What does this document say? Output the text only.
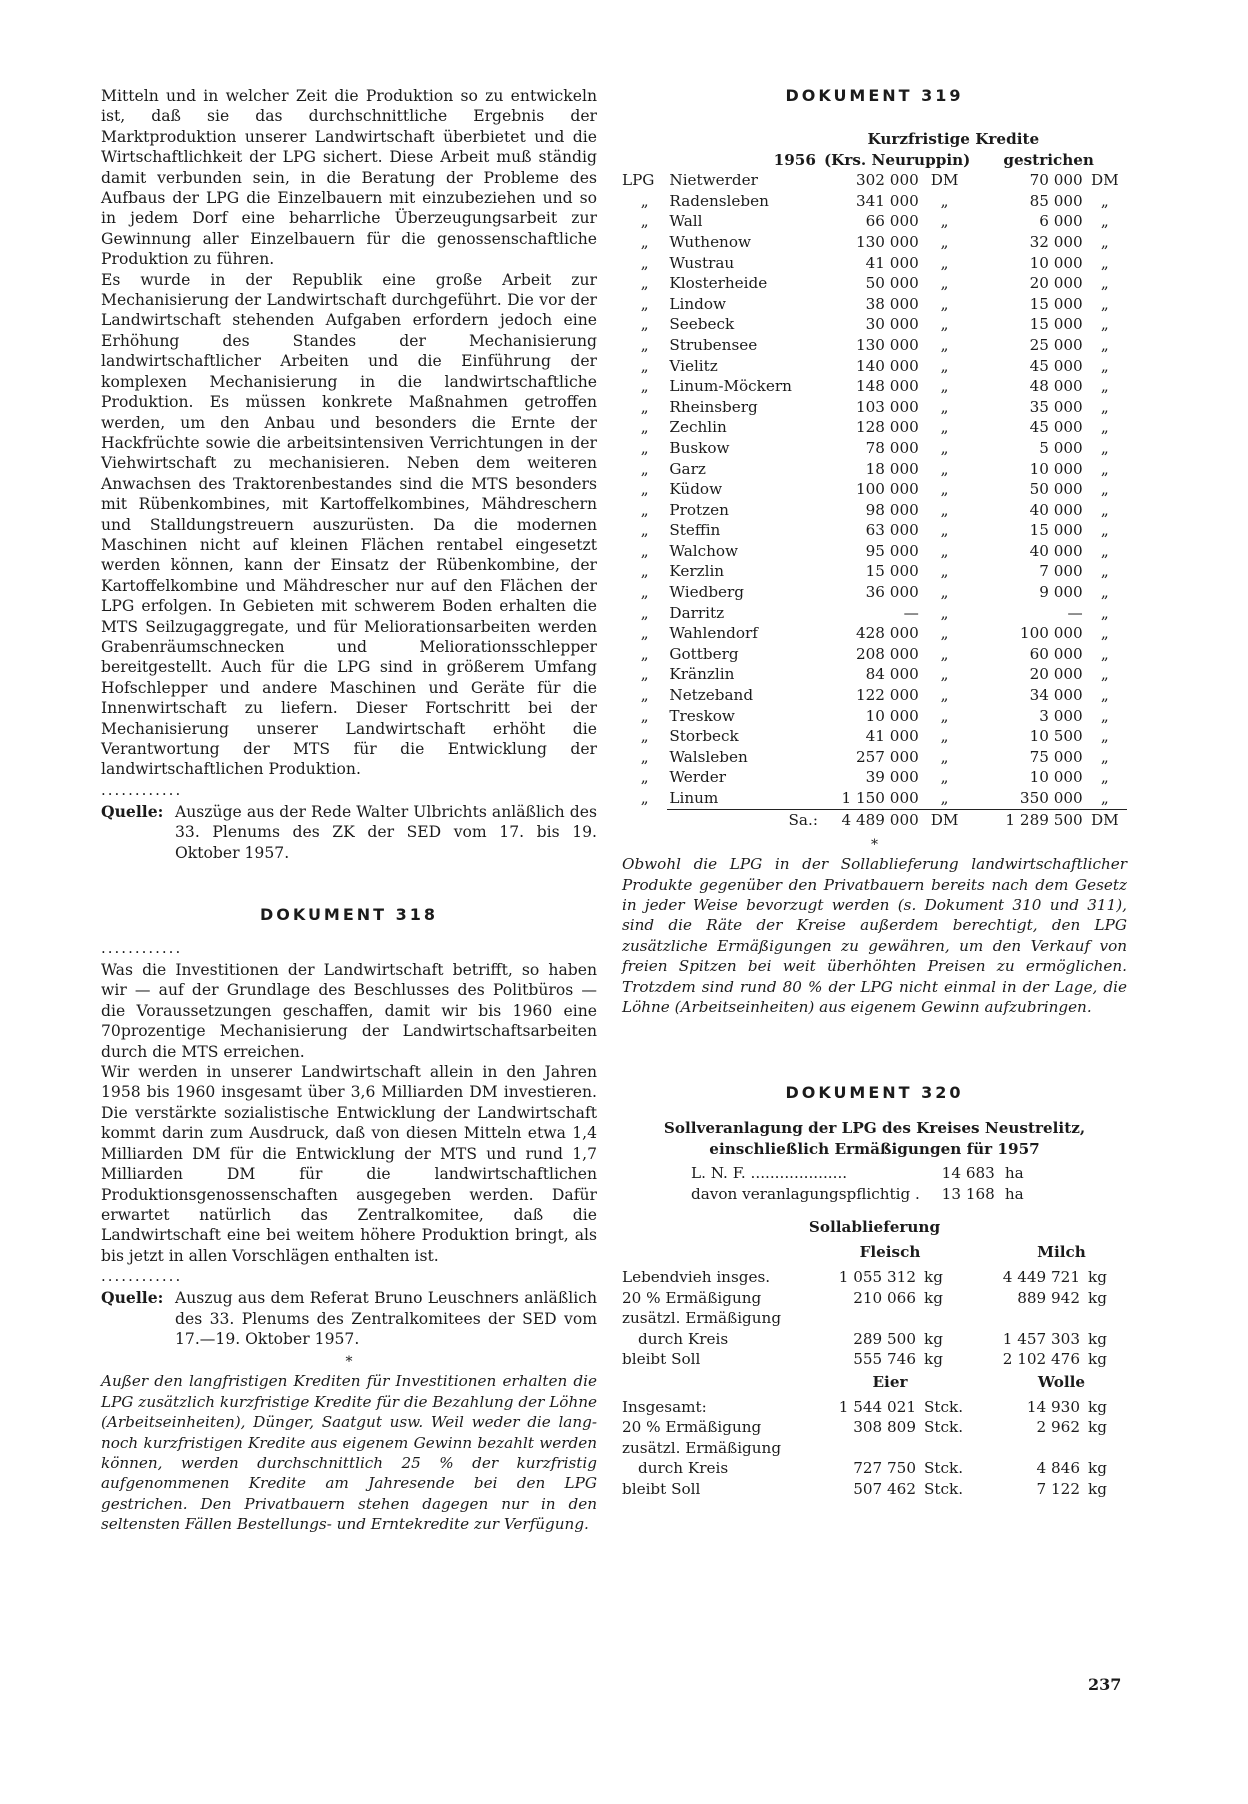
Mitteln und in welcher Zeit die Produktion so zu entwickeln ist, daß sie das durchschnittliche Ergebnis der Marktproduktion unserer Landwirtschaft überbietet und die Wirtschaftlichkeit der LPG sichert. Diese Arbeit muß ständig damit verbunden sein, in die Beratung der Probleme des Aufbaus der LPG die Einzelbauern mit einzubeziehen und so in jedem Dorf eine beharrliche Überzeugungsarbeit zur Gewinnung aller Einzelbauern für die genossenschaftliche Produktion zu führen.

Es wurde in der Republik eine große Arbeit zur Mechanisierung der Landwirtschaft durchgeführt. Die vor der Landwirtschaft stehenden Aufgaben erfordern jedoch eine Erhöhung des Standes der Mechanisierung landwirtschaftlicher Arbeiten und die Einführung der komplexen Mechanisierung in die landwirtschaftliche Produktion. Es müssen konkrete Maßnahmen getroffen werden, um den Anbau und besonders die Ernte der Hackfrüchte sowie die arbeitsintensiven Verrichtungen in der Viehwirtschaft zu mechanisieren. Neben dem weiteren Anwachsen des Traktorenbestandes sind die MTS besonders mit Rübenkombines, mit Kartoffelkombines, Mähdreschern und Stalldungstreuern auszurüsten. Da die modernen Maschinen nicht auf kleinen Flächen rentabel eingesetzt werden können, kann der Einsatz der Rübenkombine, der Kartoffelkombine und Mähdrescher nur auf den Flächen der LPG erfolgen. In Gebieten mit schwerem Boden erhalten die MTS Seilzugaggregate, und für Meliorationsarbeiten werden Grabenräumschnecken und Meliorationsschlepper bereitgestellt. Auch für die LPG sind in größerem Umfang Hofschlepper und andere Maschinen und Geräte für die Innenwirtschaft zu liefern. Dieser Fortschritt bei der Mechanisierung unserer Landwirtschaft erhöht die Verantwortung der MTS für die Entwicklung der landwirtschaftlichen Produktion.

............
Quelle: Auszüge aus der Rede Walter Ulbrichts anläßlich des 33. Plenums des ZK der SED vom 17. bis 19. Oktober 1957.
DOKUMENT 318
............

Was die Investitionen der Landwirtschaft betrifft, so haben wir — auf der Grundlage des Beschlusses des Politbüros — die Voraussetzungen geschaffen, damit wir bis 1960 eine 70prozentige Mechanisierung der Landwirtschaftsarbeiten durch die MTS erreichen.

Wir werden in unserer Landwirtschaft allein in den Jahren 1958 bis 1960 insgesamt über 3,6 Milliarden DM investieren. Die verstärkte sozialistische Entwicklung der Landwirtschaft kommt darin zum Ausdruck, daß von diesen Mitteln etwa 1,4 Milliarden DM für die Entwicklung der MTS und rund 1,7 Milliarden DM für die landwirtschaftlichen Produktionsgenossenschaften ausgegeben werden. Dafür erwartet natürlich das Zentralkomitee, daß die Landwirtschaft eine bei weitem höhere Produktion bringt, als bis jetzt in allen Vorschlägen enthalten ist.

............
Quelle: Auszug aus dem Referat Bruno Leuschners anläßlich des 33. Plenums des Zentralkomitees der SED vom 17.—19. Oktober 1957.
*

Außer den langfristigen Krediten für Investitionen erhalten die LPG zusätzlich kurzfristige Kredite für die Bezahlung der Löhne (Arbeitseinheiten), Dünger, Saatgut usw. Weil weder die lang- noch kurzfristigen Kredite aus eigenem Gewinn bezahlt werden können, werden durchschnittlich 25 % der kurzfristig aufgenommenen Kredite am Jahresende bei den LPG gestrichen. Den Privatbauern stehen dagegen nur in den seltensten Fällen Bestellungs- und Erntekredite zur Verfügung.

DOKUMENT 319
		Kurzfristige Kredite			
1956		(Krs. Neuruppin)		gestrichen	
LPG	Nietwerder	302 000	DM	70 000	DM
„	Radensleben	341 000	„	85 000	„
„	Wall	66 000	„	6 000	„
„	Wuthenow	130 000	„	32 000	„
„	Wustrau	41 000	„	10 000	„
„	Klosterheide	50 000	„	20 000	„
„	Lindow	38 000	„	15 000	„
„	Seebeck	30 000	„	15 000	„
„	Strubensee	130 000	„	25 000	„
„	Vielitz	140 000	„	45 000	„
„	Linum-Möckern	148 000	„	48 000	„
„	Rheinsberg	103 000	„	35 000	„
„	Zechlin	128 000	„	45 000	„
„	Buskow	78 000	„	5 000	„
„	Garz	18 000	„	10 000	„
„	Küdow	100 000	„	50 000	„
„	Protzen	98 000	„	40 000	„
„	Steffin	63 000	„	15 000	„
„	Walchow	95 000	„	40 000	„
„	Kerzlin	15 000	„	7 000	„
„	Wiedberg	36 000	„	9 000	„
„	Darritz	—	„	—	„
„	Wahlendorf	428 000	„	100 000	„
„	Gottberg	208 000	„	60 000	„
„	Kränzlin	84 000	„	20 000	„
„	Netzeband	122 000	„	34 000	„
„	Treskow	10 000	„	3 000	„
„	Storbeck	41 000	„	10 500	„
„	Walsleben	257 000	„	75 000	„
„	Werder	39 000	„	10 000	„
„	Linum	1 150 000	„	350 000	„
	Sa.:	4 489 000	DM	1 289 500	DM
*

Obwohl die LPG in der Sollablieferung landwirtschaftlicher Produkte gegenüber den Privatbauern bereits nach dem Gesetz in jeder Weise bevorzugt werden (s. Dokument 310 und 311), sind die Räte der Kreise außerdem berechtigt, den LPG zusätzliche Ermäßigungen zu gewähren, um den Verkauf von freien Spitzen bei weit überhöhten Preisen zu ermöglichen. Trotzdem sind rund 80 % der LPG nicht einmal in der Lage, die Löhne (Arbeitseinheiten) aus eigenem Gewinn aufzubringen.

DOKUMENT 320
Sollveranlagung der LPG des Kreises Neustrelitz,
einschließlich Ermäßigungen für 1957
L. N. F. ....................	14 683	ha
davon veranlagungspflichtig .	13 168	ha
Sollablieferung
	Fleisch		Milch	
Lebendvieh insges.	1 055 312	kg	4 449 721	kg
20 % Ermäßigung	210 066	kg	889 942	kg
zusätzl. Ermäßigung				
durch Kreis	289 500	kg	1 457 303	kg
bleibt Soll	555 746	kg	2 102 476	kg
	Eier		Wolle	
Insgesamt:	1 544 021	Stck.	14 930	kg
20 % Ermäßigung	308 809	Stck.	2 962	kg
zusätzl. Ermäßigung				
durch Kreis	727 750	Stck.	4 846	kg
bleibt Soll	507 462	Stck.	7 122	kg
237
